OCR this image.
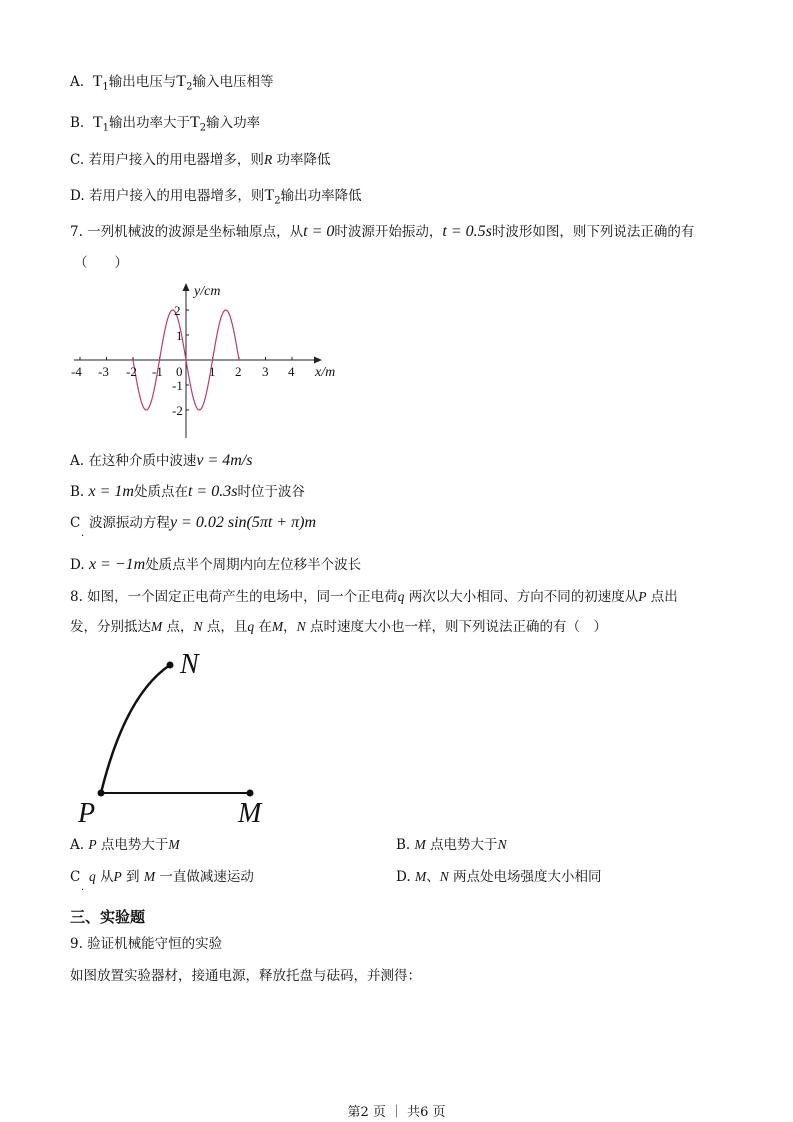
A. $T_1$输出电压与$T_2$输入电压相等
B. $T_1$输出功率大于$T_2$输入功率
C. 若用户接入的用电器增多，则R 功率降低
D. 若用户接入的用电器增多，则$T_2$输出功率降低
7. 一列机械波的波源是坐标轴原点，从t = 0时波源开始振动，t = 0.5s时波形如图，则下列说法正确的有
（　　）
-4 -3 -2 -1 0 1 2 3 4
2
1
-1
-2
y/cm
x/m
A. 在这种介质中波速v = 4m/s
B. x = 1m处质点在t = 0.3s时位于波谷
C 波源振动方程y = 0.02 sin(5πt + π)m
·
D. x = −1m处质点半个周期内向左位移半个波长
8. 如图，一个固定正电荷产生的电场中，同一个正电荷q 两次以大小相同、方向不同的初速度从P 点出
发，分别抵达M 点，N 点，且q 在M，N 点时速度大小也一样，则下列说法正确的有（　）
N
P	M
A. P 点电势大于M	B. M 点电势大于N
C q 从P 到 M 一直做减速运动
·
D. M、N 两点处电场强度大小相同
三、实验题
9. 验证机械能守恒的实验
如图放置实验器材，接通电源，释放托盘与砝码，并测得：
第2 页 ｜ 共6 页
